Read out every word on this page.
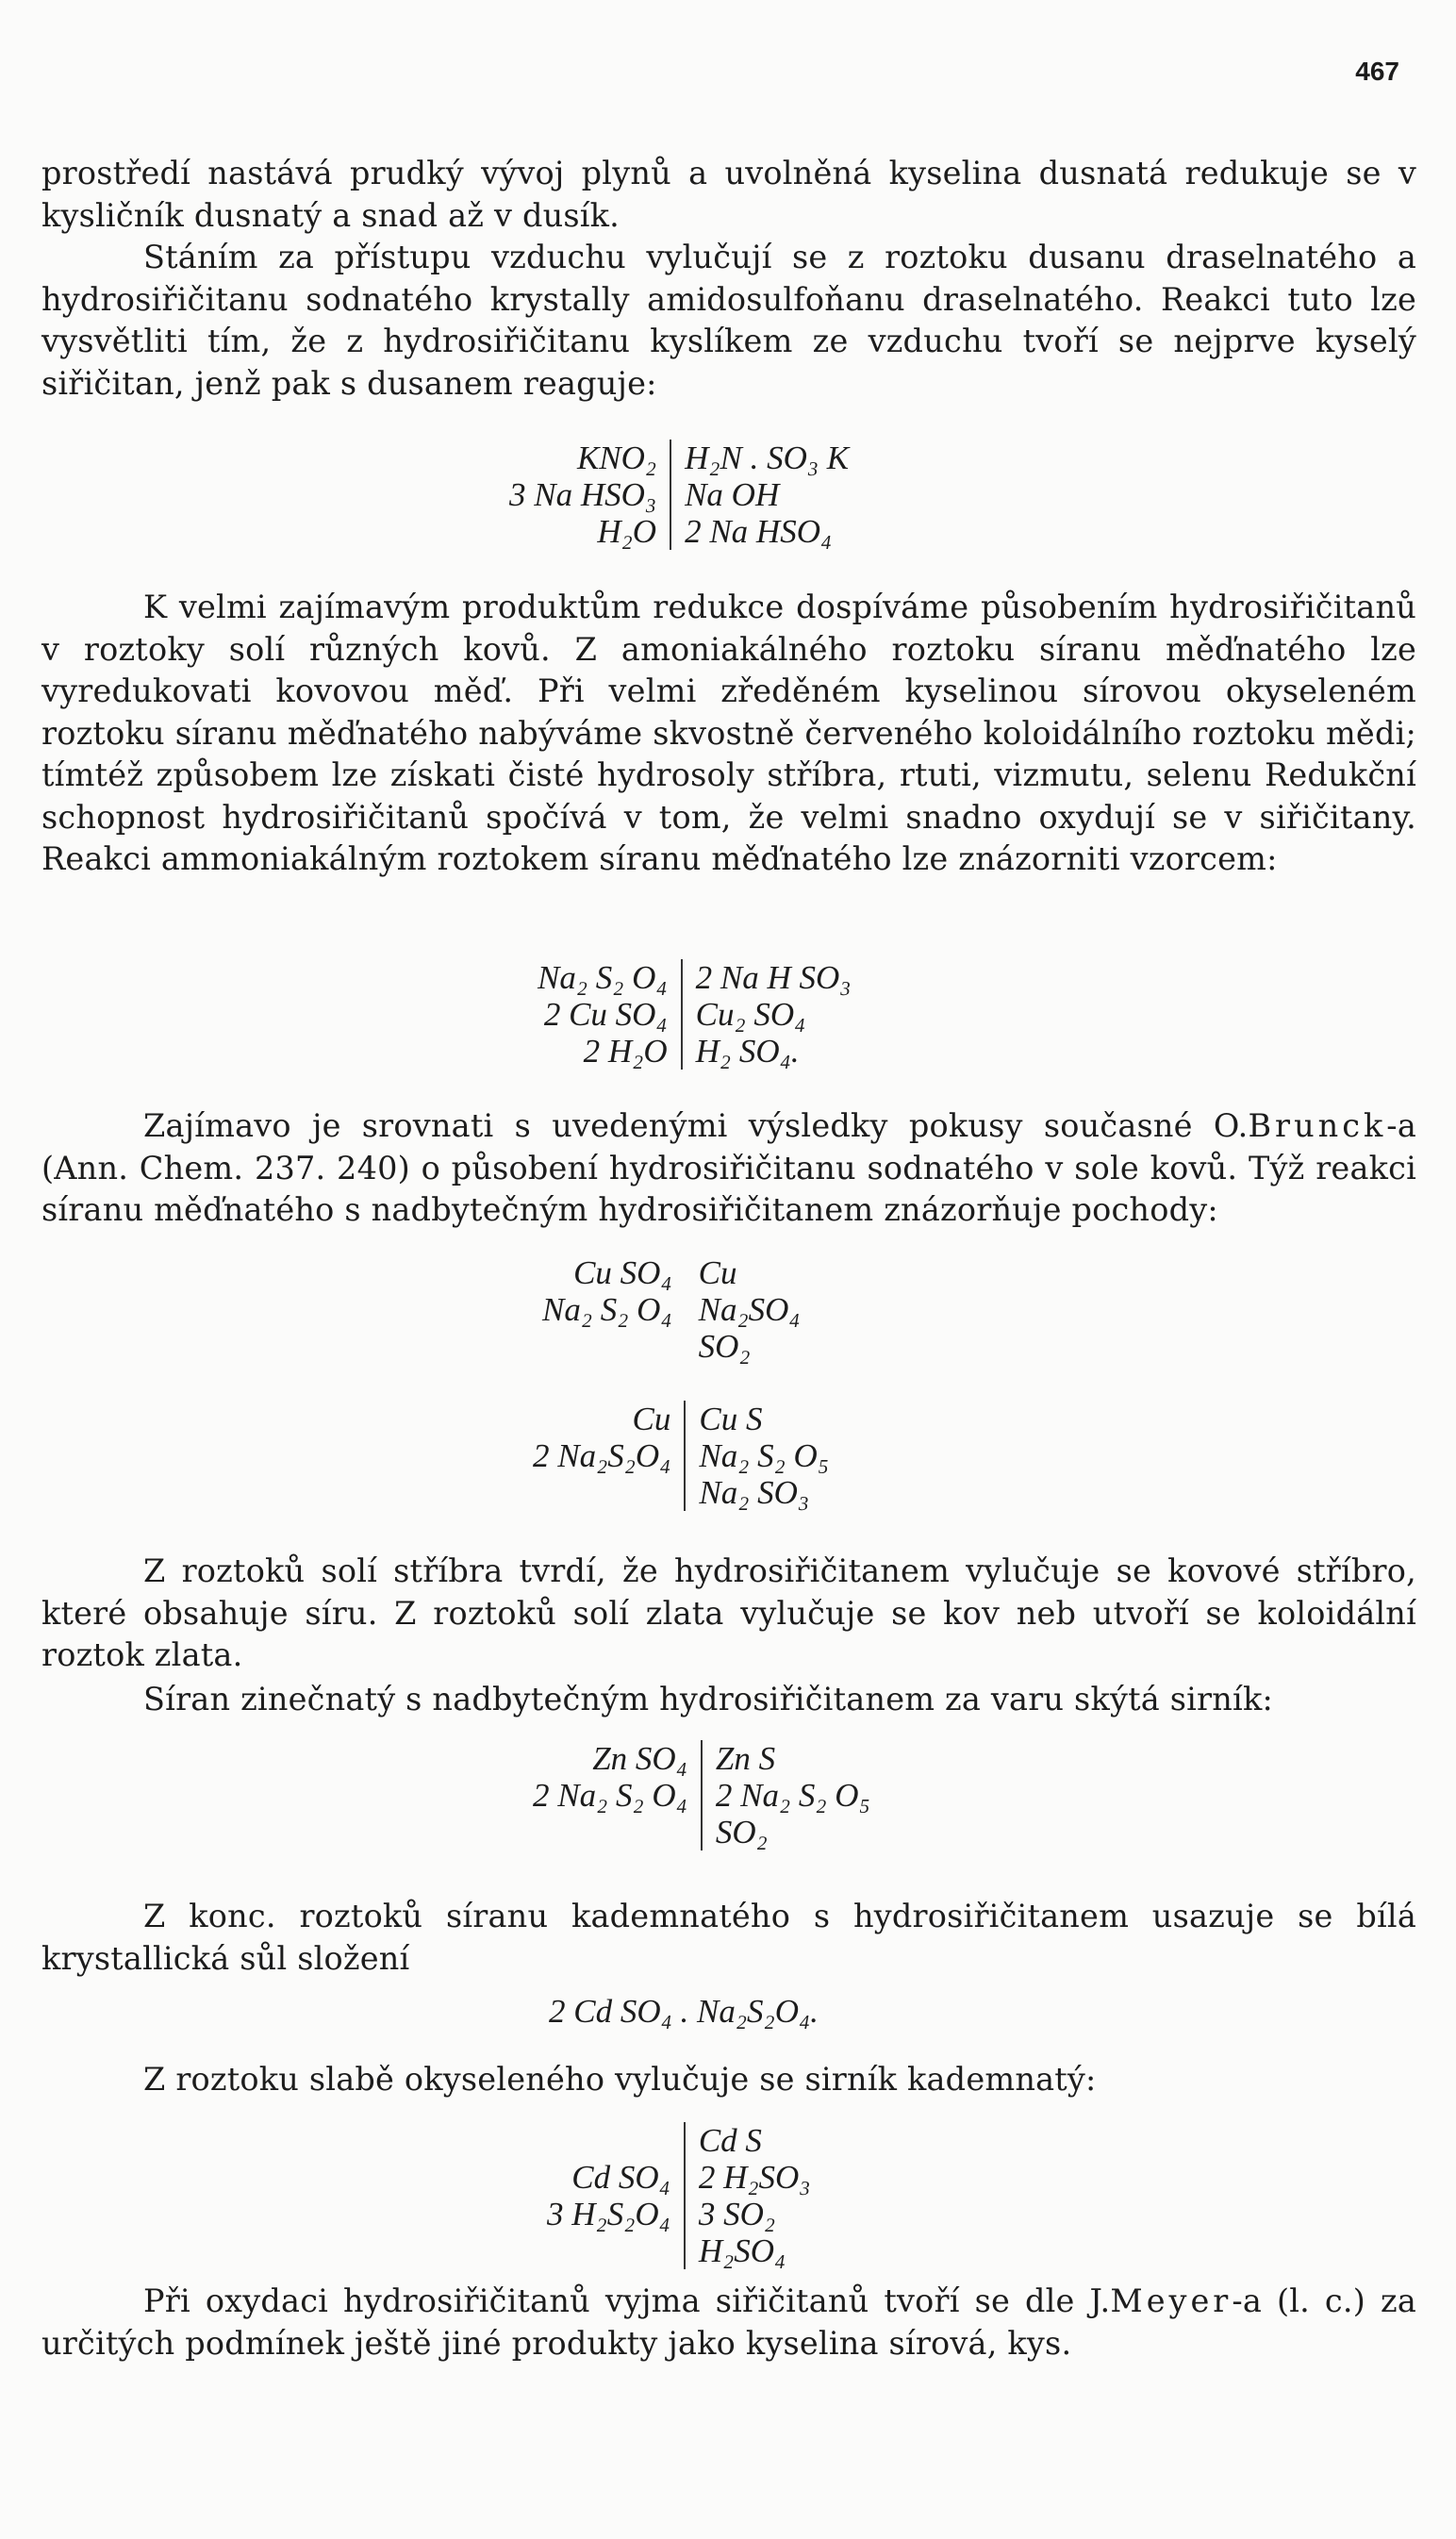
467

prostředí nastává prudký vývoj plynů a uvolněná kyselina dusnatá redukuje se v kysličník dusnatý a snad až v dusík.

Stáním za přístupu vzduchu vylučují se z roztoku dusanu draselnatého a hydrosiřičitanu sodnatého krystally amidosulfoňanu draselnatého. Reakci tuto lze vysvětliti tím, že z hydrosiřičitanu kyslíkem ze vzduchu tvoří se nejprve kyselý siřičitan, jenž pak s dusanem reaguje:

KNO₂ H₂N . SO₃ K
3 Na HSO₃ Na OH
H₂O 2 Na HSO₄

K velmi zajímavým produktům redukce dospíváme působením hydrosiřičitanů v roztoky solí různých kovů. Z amoniakálného roztoku síranu měďnatého lze vyredukovati kovovou měď. Při velmi zředěném kyselinou sírovou okyseleném roztoku síranu měďnatého nabýváme skvostně červeného koloidálního roztoku mědi; tímtéž způsobem lze získati čisté hydrosoly stříbra, rtuti, vizmutu, selenu Redukční schopnost hydrosiřičitanů spočívá v tom, že velmi snadno oxydují se v siřičitany. Reakci ammoniakálným roztokem síranu měďnatého lze znázorniti vzorcem:

Na₂ S₂ O₄ 2 Na H SO₃
2 Cu SO₄ Cu₂ SO₄
2 H₂O H₂ SO₄.

Zajímavo je srovnati s uvedenými výsledky pokusy současné O.Brunck-a (Ann. Chem. 237. 240) o působení hydrosiřičitanu sodnatého v sole kovů. Týž reakci síranu měďnatého s nadbytečným hydrosiřičitanem znázorňuje pochody:

Cu SO₄ Cu
Na₂ S₂ O₄ Na₂SO₄
SO₂
Cu Cu S
2 Na₂S₂O₄ Na₂ S₂ O₅
Na₂ SO₃

Z roztoků solí stříbra tvrdí, že hydrosiřičitanem vylučuje se kovové stříbro, které obsahuje síru. Z roztoků solí zlata vylučuje se kov neb utvoří se koloidální roztok zlata.

Síran zinečnatý s nadbytečným hydrosiřičitanem za varu skýtá sirník:

Zn SO₄ Zn S
2 Na₂ S₂ O₄ 2 Na₂ S₂ O₅
SO₂

Z konc. roztoků síranu kademnatého s hydrosiřičitanem usazuje se bílá krystallická sůl složení

2 Cd SO₄ . Na₂S₂O₄.

Z roztoku slabě okyseleného vylučuje se sirník kademnatý:

Cd S
Cd SO₄ 2 H₂SO₃
3 H₂S₂O₄ 3 SO₂
H₂SO₄

Při oxydaci hydrosiřičitanů vyjma siřičitanů tvoří se dle J.Meyer-a (l. c.) za určitých podmínek ještě jiné produkty jako kyselina sírová, kys.
